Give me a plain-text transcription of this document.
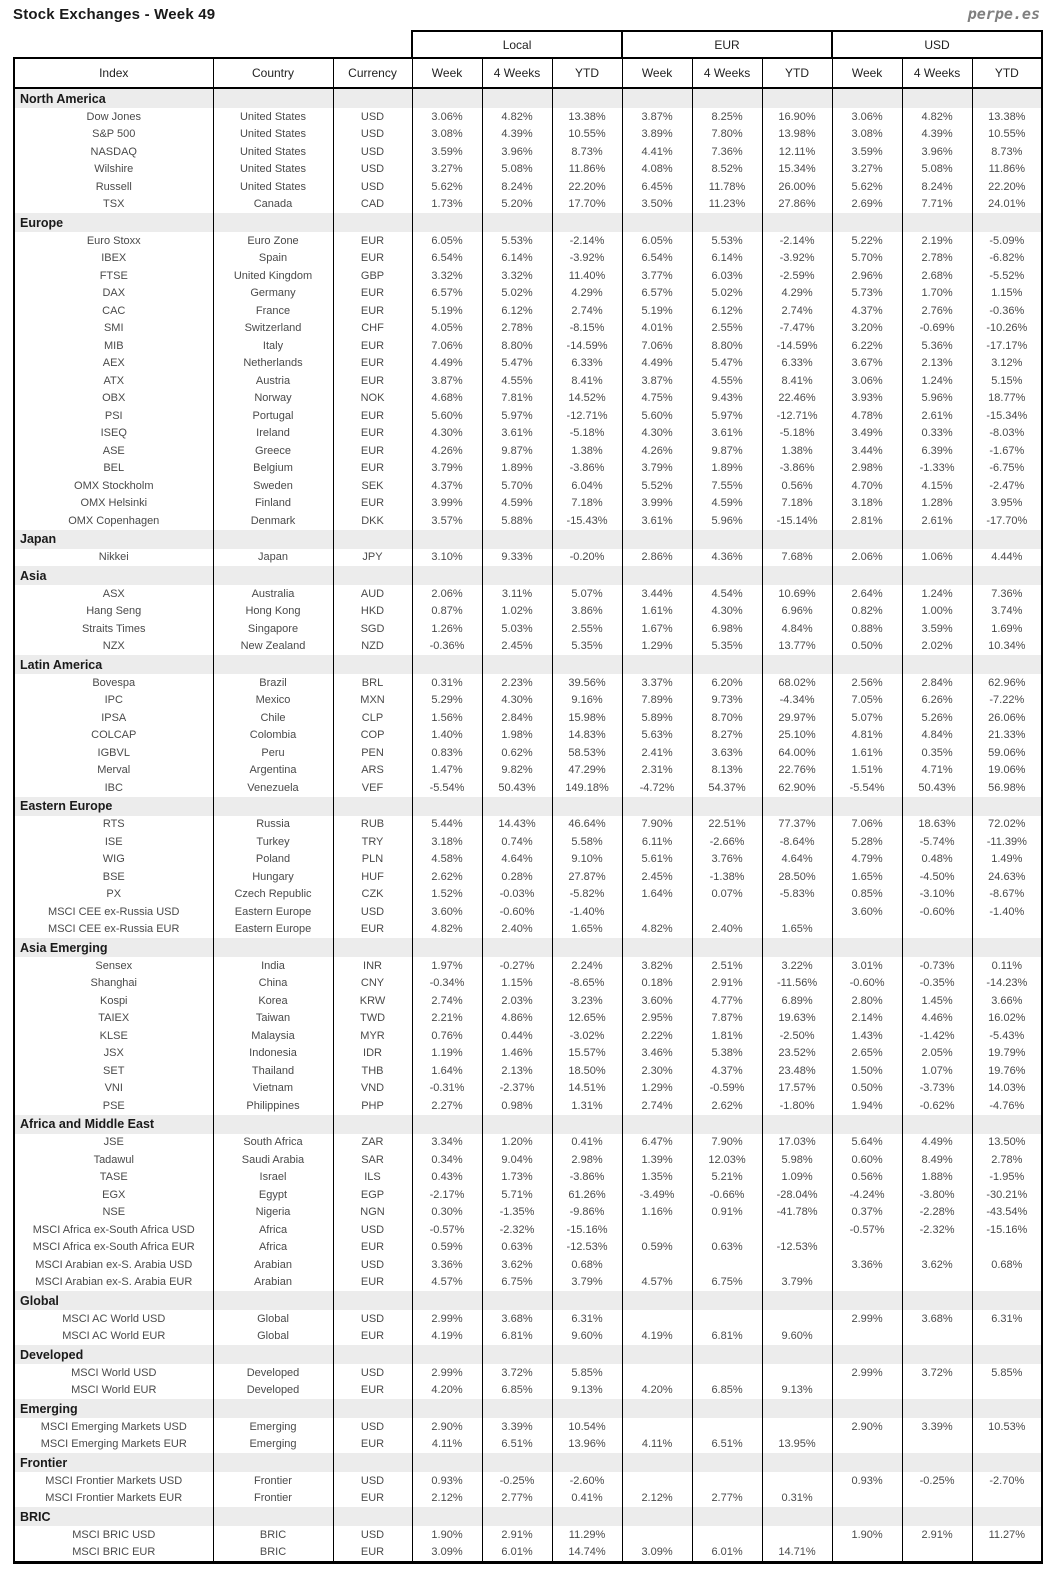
Stock Exchanges - Week 49	perpe.es
			Local			EUR			USD		
Index	Country	Currency	Week	4 Weeks	YTD	Week	4 Weeks	YTD	Week	4 Weeks	YTD
North America											
Dow Jones	United States	USD	3.06%	4.82%	13.38%	3.87%	8.25%	16.90%	3.06%	4.82%	13.38%
S&P 500	United States	USD	3.08%	4.39%	10.55%	3.89%	7.80%	13.98%	3.08%	4.39%	10.55%
NASDAQ	United States	USD	3.59%	3.96%	8.73%	4.41%	7.36%	12.11%	3.59%	3.96%	8.73%
Wilshire	United States	USD	3.27%	5.08%	11.86%	4.08%	8.52%	15.34%	3.27%	5.08%	11.86%
Russell	United States	USD	5.62%	8.24%	22.20%	6.45%	11.78%	26.00%	5.62%	8.24%	22.20%
TSX	Canada	CAD	1.73%	5.20%	17.70%	3.50%	11.23%	27.86%	2.69%	7.71%	24.01%
Europe											
Euro Stoxx	Euro Zone	EUR	6.05%	5.53%	-2.14%	6.05%	5.53%	-2.14%	5.22%	2.19%	-5.09%
IBEX	Spain	EUR	6.54%	6.14%	-3.92%	6.54%	6.14%	-3.92%	5.70%	2.78%	-6.82%
FTSE	United Kingdom	GBP	3.32%	3.32%	11.40%	3.77%	6.03%	-2.59%	2.96%	2.68%	-5.52%
DAX	Germany	EUR	6.57%	5.02%	4.29%	6.57%	5.02%	4.29%	5.73%	1.70%	1.15%
CAC	France	EUR	5.19%	6.12%	2.74%	5.19%	6.12%	2.74%	4.37%	2.76%	-0.36%
SMI	Switzerland	CHF	4.05%	2.78%	-8.15%	4.01%	2.55%	-7.47%	3.20%	-0.69%	-10.26%
MIB	Italy	EUR	7.06%	8.80%	-14.59%	7.06%	8.80%	-14.59%	6.22%	5.36%	-17.17%
AEX	Netherlands	EUR	4.49%	5.47%	6.33%	4.49%	5.47%	6.33%	3.67%	2.13%	3.12%
ATX	Austria	EUR	3.87%	4.55%	8.41%	3.87%	4.55%	8.41%	3.06%	1.24%	5.15%
OBX	Norway	NOK	4.68%	7.81%	14.52%	4.75%	9.43%	22.46%	3.93%	5.96%	18.77%
PSI	Portugal	EUR	5.60%	5.97%	-12.71%	5.60%	5.97%	-12.71%	4.78%	2.61%	-15.34%
ISEQ	Ireland	EUR	4.30%	3.61%	-5.18%	4.30%	3.61%	-5.18%	3.49%	0.33%	-8.03%
ASE	Greece	EUR	4.26%	9.87%	1.38%	4.26%	9.87%	1.38%	3.44%	6.39%	-1.67%
BEL	Belgium	EUR	3.79%	1.89%	-3.86%	3.79%	1.89%	-3.86%	2.98%	-1.33%	-6.75%
OMX Stockholm	Sweden	SEK	4.37%	5.70%	6.04%	5.52%	7.55%	0.56%	4.70%	4.15%	-2.47%
OMX Helsinki	Finland	EUR	3.99%	4.59%	7.18%	3.99%	4.59%	7.18%	3.18%	1.28%	3.95%
OMX Copenhagen	Denmark	DKK	3.57%	5.88%	-15.43%	3.61%	5.96%	-15.14%	2.81%	2.61%	-17.70%
Japan											
Nikkei	Japan	JPY	3.10%	9.33%	-0.20%	2.86%	4.36%	7.68%	2.06%	1.06%	4.44%
Asia											
ASX	Australia	AUD	2.06%	3.11%	5.07%	3.44%	4.54%	10.69%	2.64%	1.24%	7.36%
Hang Seng	Hong Kong	HKD	0.87%	1.02%	3.86%	1.61%	4.30%	6.96%	0.82%	1.00%	3.74%
Straits Times	Singapore	SGD	1.26%	5.03%	2.55%	1.67%	6.98%	4.84%	0.88%	3.59%	1.69%
NZX	New Zealand	NZD	-0.36%	2.45%	5.35%	1.29%	5.35%	13.77%	0.50%	2.02%	10.34%
Latin America											
Bovespa	Brazil	BRL	0.31%	2.23%	39.56%	3.37%	6.20%	68.02%	2.56%	2.84%	62.96%
IPC	Mexico	MXN	5.29%	4.30%	9.16%	7.89%	9.73%	-4.34%	7.05%	6.26%	-7.22%
IPSA	Chile	CLP	1.56%	2.84%	15.98%	5.89%	8.70%	29.97%	5.07%	5.26%	26.06%
COLCAP	Colombia	COP	1.40%	1.98%	14.83%	5.63%	8.27%	25.10%	4.81%	4.84%	21.33%
IGBVL	Peru	PEN	0.83%	0.62%	58.53%	2.41%	3.63%	64.00%	1.61%	0.35%	59.06%
Merval	Argentina	ARS	1.47%	9.82%	47.29%	2.31%	8.13%	22.76%	1.51%	4.71%	19.06%
IBC	Venezuela	VEF	-5.54%	50.43%	149.18%	-4.72%	54.37%	62.90%	-5.54%	50.43%	56.98%
Eastern Europe											
RTS	Russia	RUB	5.44%	14.43%	46.64%	7.90%	22.51%	77.37%	7.06%	18.63%	72.02%
ISE	Turkey	TRY	3.18%	0.74%	5.58%	6.11%	-2.66%	-8.64%	5.28%	-5.74%	-11.39%
WIG	Poland	PLN	4.58%	4.64%	9.10%	5.61%	3.76%	4.64%	4.79%	0.48%	1.49%
BSE	Hungary	HUF	2.62%	0.28%	27.87%	2.45%	-1.38%	28.50%	1.65%	-4.50%	24.63%
PX	Czech Republic	CZK	1.52%	-0.03%	-5.82%	1.64%	0.07%	-5.83%	0.85%	-3.10%	-8.67%
MSCI CEE ex-Russia USD	Eastern Europe	USD	3.60%	-0.60%	-1.40%				3.60%	-0.60%	-1.40%
MSCI CEE ex-Russia EUR	Eastern Europe	EUR	4.82%	2.40%	1.65%	4.82%	2.40%	1.65%			
Asia Emerging											
Sensex	India	INR	1.97%	-0.27%	2.24%	3.82%	2.51%	3.22%	3.01%	-0.73%	0.11%
Shanghai	China	CNY	-0.34%	1.15%	-8.65%	0.18%	2.91%	-11.56%	-0.60%	-0.35%	-14.23%
Kospi	Korea	KRW	2.74%	2.03%	3.23%	3.60%	4.77%	6.89%	2.80%	1.45%	3.66%
TAIEX	Taiwan	TWD	2.21%	4.86%	12.65%	2.95%	7.87%	19.63%	2.14%	4.46%	16.02%
KLSE	Malaysia	MYR	0.76%	0.44%	-3.02%	2.22%	1.81%	-2.50%	1.43%	-1.42%	-5.43%
JSX	Indonesia	IDR	1.19%	1.46%	15.57%	3.46%	5.38%	23.52%	2.65%	2.05%	19.79%
SET	Thailand	THB	1.64%	2.13%	18.50%	2.30%	4.37%	23.48%	1.50%	1.07%	19.76%
VNI	Vietnam	VND	-0.31%	-2.37%	14.51%	1.29%	-0.59%	17.57%	0.50%	-3.73%	14.03%
PSE	Philippines	PHP	2.27%	0.98%	1.31%	2.74%	2.62%	-1.80%	1.94%	-0.62%	-4.76%
Africa and Middle East											
JSE	South Africa	ZAR	3.34%	1.20%	0.41%	6.47%	7.90%	17.03%	5.64%	4.49%	13.50%
Tadawul	Saudi Arabia	SAR	0.34%	9.04%	2.98%	1.39%	12.03%	5.98%	0.60%	8.49%	2.78%
TASE	Israel	ILS	0.43%	1.73%	-3.86%	1.35%	5.21%	1.09%	0.56%	1.88%	-1.95%
EGX	Egypt	EGP	-2.17%	5.71%	61.26%	-3.49%	-0.66%	-28.04%	-4.24%	-3.80%	-30.21%
NSE	Nigeria	NGN	0.30%	-1.35%	-9.86%	1.16%	0.91%	-41.78%	0.37%	-2.28%	-43.54%
MSCI Africa ex-South Africa USD	Africa	USD	-0.57%	-2.32%	-15.16%				-0.57%	-2.32%	-15.16%
MSCI Africa ex-South Africa EUR	Africa	EUR	0.59%	0.63%	-12.53%	0.59%	0.63%	-12.53%			
MSCI Arabian ex-S. Arabia USD	Arabian	USD	3.36%	3.62%	0.68%				3.36%	3.62%	0.68%
MSCI Arabian ex-S. Arabia EUR	Arabian	EUR	4.57%	6.75%	3.79%	4.57%	6.75%	3.79%			
Global											
MSCI AC World USD	Global	USD	2.99%	3.68%	6.31%				2.99%	3.68%	6.31%
MSCI AC World EUR	Global	EUR	4.19%	6.81%	9.60%	4.19%	6.81%	9.60%			
Developed											
MSCI World USD	Developed	USD	2.99%	3.72%	5.85%				2.99%	3.72%	5.85%
MSCI World EUR	Developed	EUR	4.20%	6.85%	9.13%	4.20%	6.85%	9.13%			
Emerging											
MSCI Emerging Markets USD	Emerging	USD	2.90%	3.39%	10.54%				2.90%	3.39%	10.53%
MSCI Emerging Markets EUR	Emerging	EUR	4.11%	6.51%	13.96%	4.11%	6.51%	13.95%			
Frontier											
MSCI Frontier Markets USD	Frontier	USD	0.93%	-0.25%	-2.60%				0.93%	-0.25%	-2.70%
MSCI Frontier Markets EUR	Frontier	EUR	2.12%	2.77%	0.41%	2.12%	2.77%	0.31%			
BRIC											
MSCI BRIC USD	BRIC	USD	1.90%	2.91%	11.29%				1.90%	2.91%	11.27%
MSCI BRIC EUR	BRIC	EUR	3.09%	6.01%	14.74%	3.09%	6.01%	14.71%			
